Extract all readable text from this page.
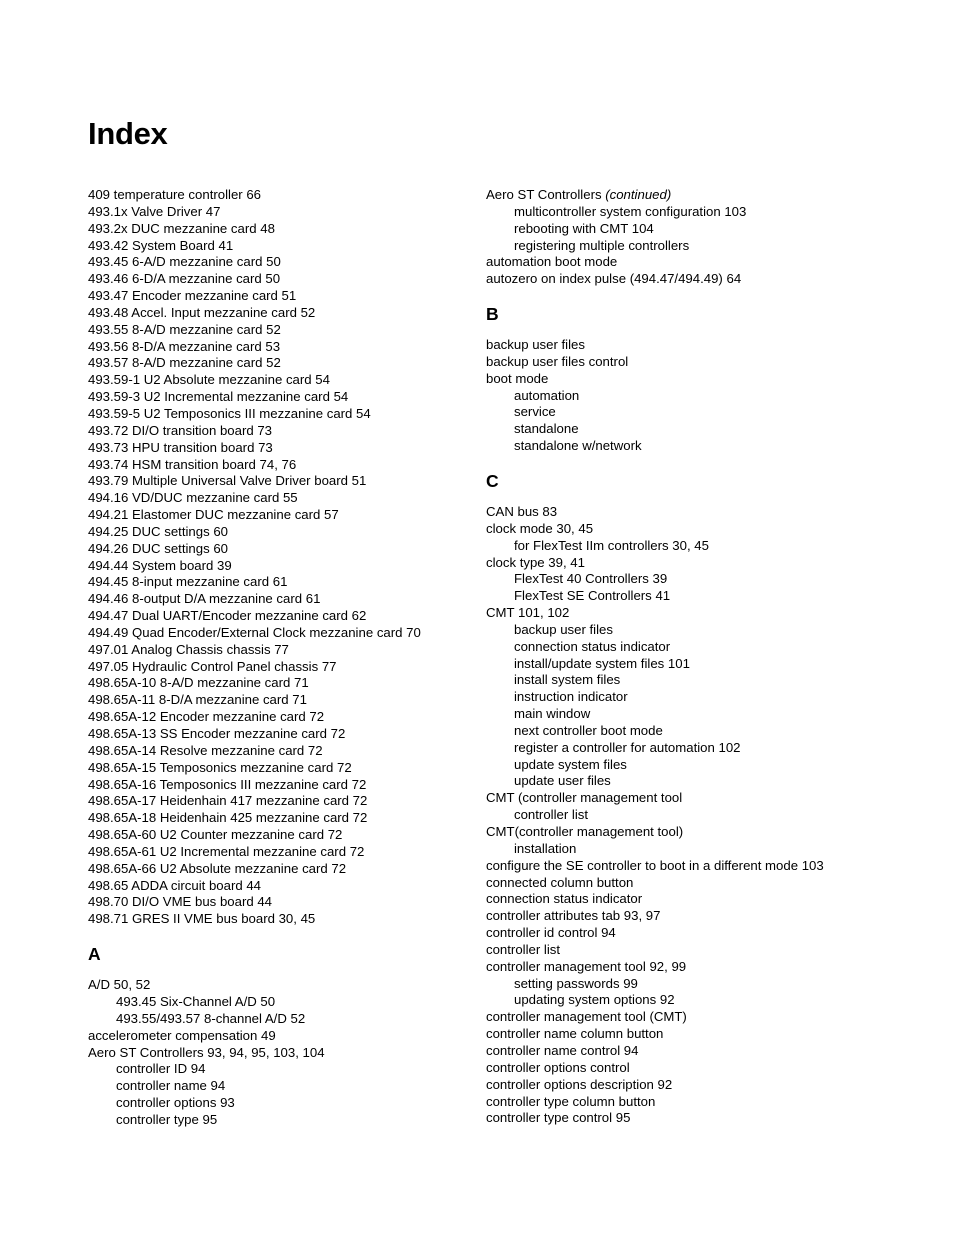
Index
409 temperature controller 66
493.1x Valve Driver 47
493.2x DUC mezzanine card 48
493.42 System Board 41
493.45 6-A/D mezzanine card 50
493.46 6-D/A mezzanine card 50
493.47 Encoder mezzanine card 51
493.48 Accel. Input mezzanine card 52
493.55 8-A/D mezzanine card 52
493.56 8-D/A mezzanine card 53
493.57 8-A/D mezzanine card 52
493.59-1 U2 Absolute mezzanine card 54
493.59-3 U2 Incremental mezzanine card 54
493.59-5 U2 Temposonics III mezzanine card 54
493.72 DI/O transition board 73
493.73 HPU transition board 73
493.74 HSM transition board 74, 76
493.79 Multiple Universal Valve Driver board 51
494.16 VD/DUC mezzanine card 55
494.21 Elastomer DUC mezzanine card 57
494.25 DUC settings 60
494.26 DUC settings 60
494.44 System board 39
494.45 8-input mezzanine card 61
494.46 8-output D/A mezzanine card 61
494.47 Dual UART/Encoder mezzanine card 62
494.49 Quad Encoder/External Clock mezzanine card 70
497.01 Analog Chassis chassis 77
497.05 Hydraulic Control Panel chassis 77
498.65A-10 8-A/D mezzanine card 71
498.65A-11 8-D/A mezzanine card 71
498.65A-12 Encoder mezzanine card 72
498.65A-13 SS Encoder mezzanine card 72
498.65A-14 Resolve mezzanine card 72
498.65A-15 Temposonics mezzanine card 72
498.65A-16 Temposonics III mezzanine card 72
498.65A-17 Heidenhain 417 mezzanine card 72
498.65A-18 Heidenhain 425 mezzanine card 72
498.65A-60 U2 Counter mezzanine card 72
498.65A-61 U2 Incremental mezzanine card 72
498.65A-66 U2 Absolute mezzanine card 72
498.65 ADDA circuit board 44
498.70 DI/O VME bus board 44
498.71 GRES II VME bus board 30, 45
A
A/D 50, 52
493.45 Six-Channel A/D 50
493.55/493.57 8-channel A/D 52
accelerometer compensation 49
Aero ST Controllers 93, 94, 95, 103, 104
controller ID 94
controller name 94
controller options 93
controller type 95
Aero ST Controllers (continued)
multicontroller system configuration 103
rebooting with CMT 104
registering multiple controllers
automation boot mode
autozero on index pulse (494.47/494.49) 64
B
backup user files
backup user files control
boot mode
automation
service
standalone
standalone w/network
C
CAN bus 83
clock mode 30, 45
for FlexTest IIm controllers 30, 45
clock type 39, 41
FlexTest 40 Controllers 39
FlexTest SE Controllers 41
CMT 101, 102
backup user files
connection status indicator
install/update system files 101
install system files
instruction indicator
main window
next controller boot mode
register a controller for automation 102
update system files
update user files
CMT (controller management tool
controller list
CMT(controller management tool)
installation
configure the SE controller to boot in a different mode 103
connected column button
connection status indicator
controller attributes tab 93, 97
controller id control 94
controller list
controller management tool 92, 99
setting passwords 99
updating system options 92
controller management tool (CMT)
controller name column button
controller name control 94
controller options control
controller options description 92
controller type column button
controller type control 95
